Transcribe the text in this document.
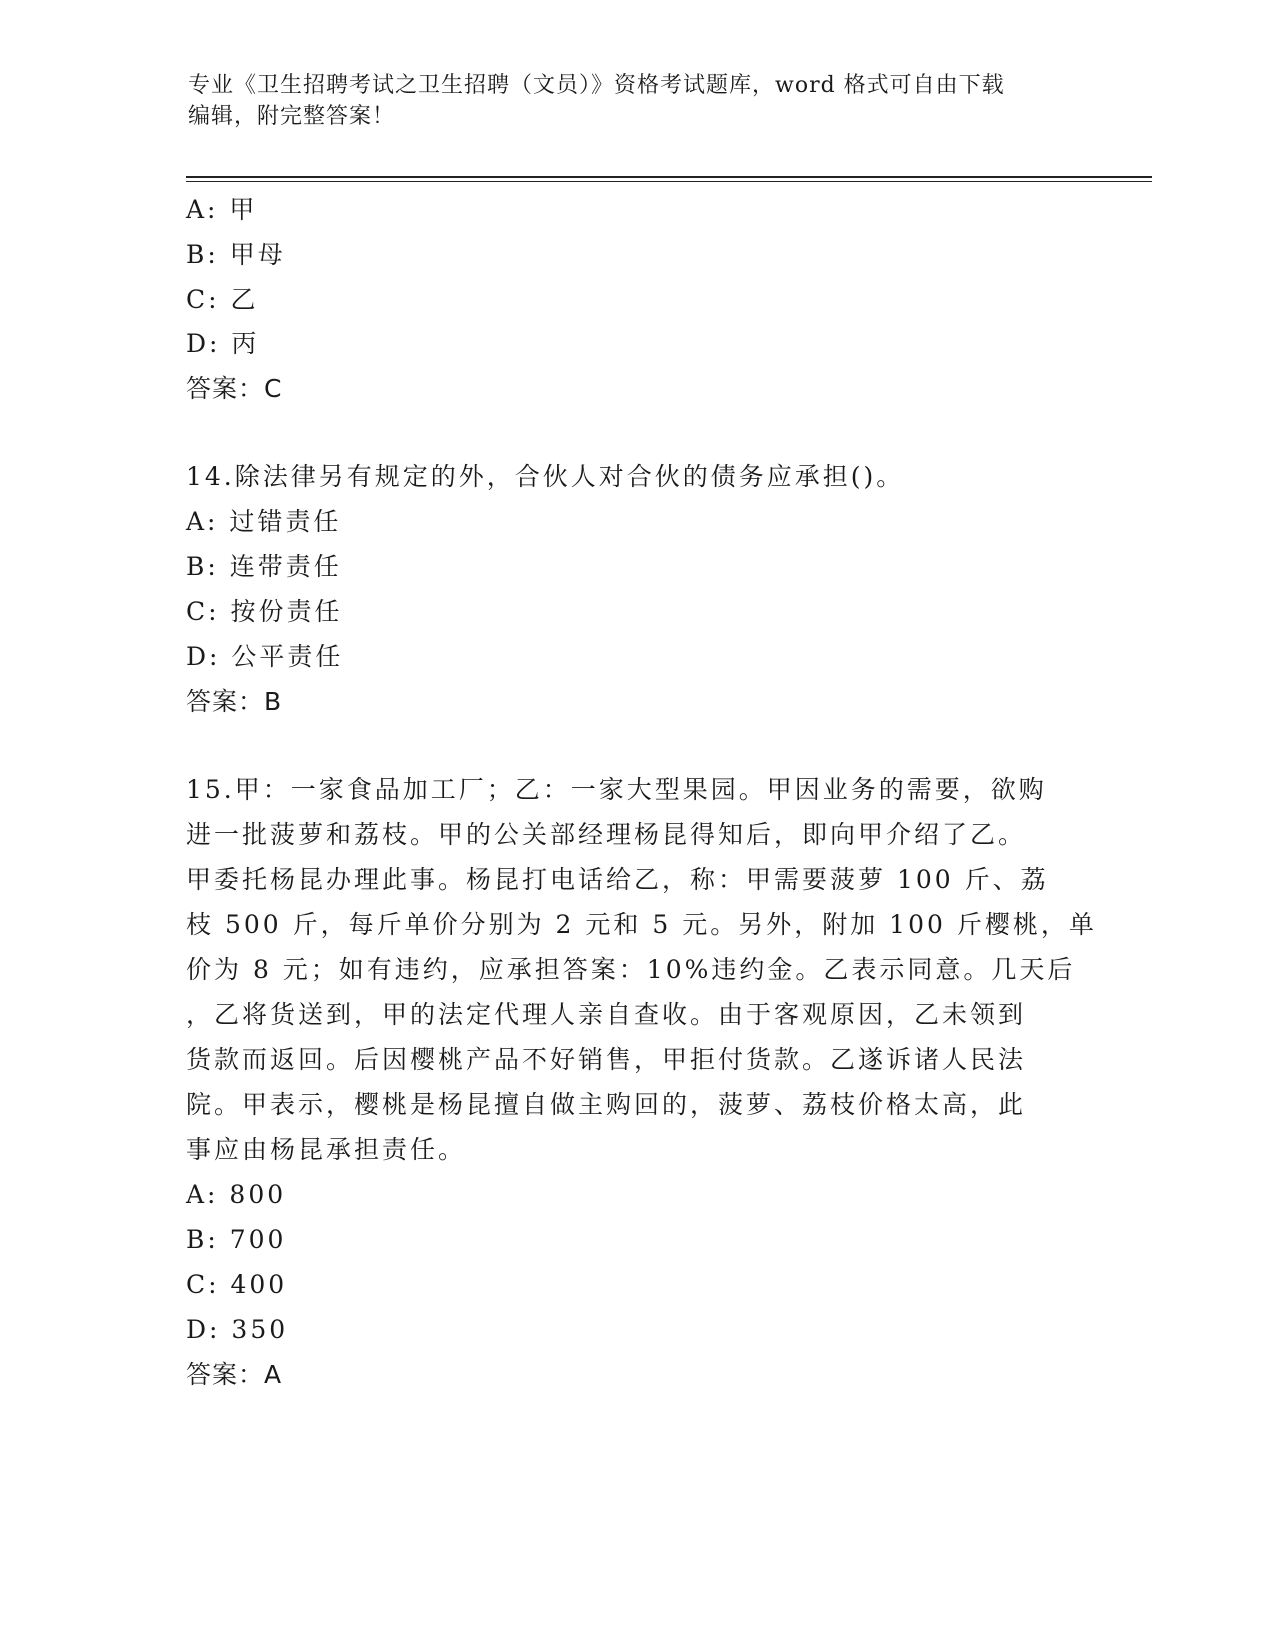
专业《卫生招聘考试之卫生招聘（文员）》资格考试题库，word 格式可自由下载
编辑，附完整答案！
A: 甲
B: 甲母
C: 乙
D: 丙
答案：C
14.除法律另有规定的外，合伙人对合伙的债务应承担()。
A: 过错责任
B: 连带责任
C: 按份责任
D: 公平责任
答案：B
15.甲：一家食品加工厂；乙：一家大型果园。甲因业务的需要，欲购
进一批菠萝和荔枝。甲的公关部经理杨昆得知后，即向甲介绍了乙。
甲委托杨昆办理此事。杨昆打电话给乙，称：甲需要菠萝 100 斤、荔
枝 500 斤，每斤单价分别为 2 元和 5 元。另外，附加 100 斤樱桃，单
价为 8 元；如有违约，应承担答案：10%违约金。乙表示同意。几天后
，乙将货送到，甲的法定代理人亲自查收。由于客观原因，乙未领到
货款而返回。后因樱桃产品不好销售，甲拒付货款。乙遂诉诸人民法
院。甲表示，樱桃是杨昆擅自做主购回的，菠萝、荔枝价格太高，此
事应由杨昆承担责任。
A: 800
B: 700
C: 400
D: 350
答案：A
